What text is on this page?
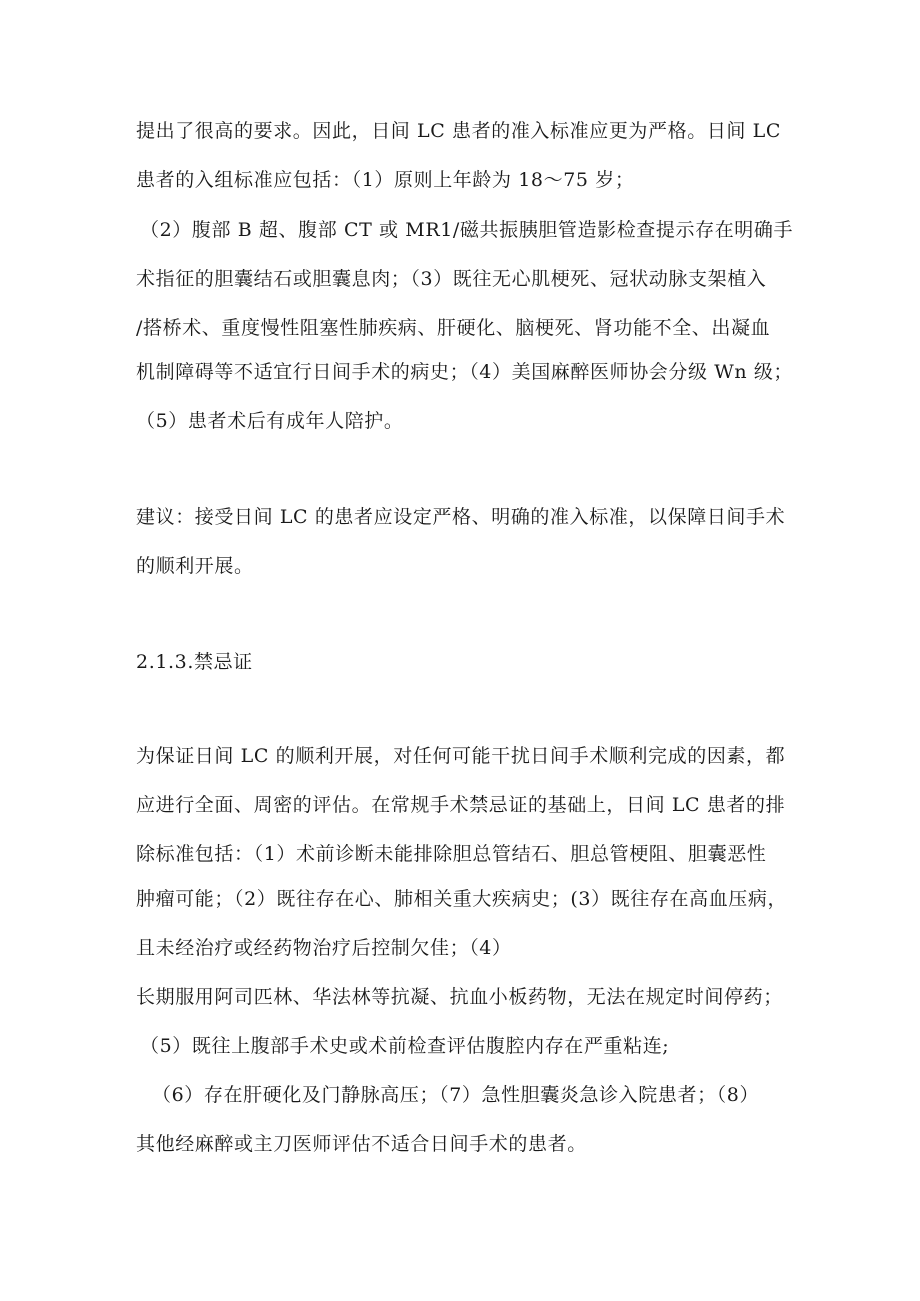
提出了很高的要求。因此，日间 LC 患者的准入标准应更为严格。日间 LC
患者的入组标准应包括：（1）原则上年龄为 18～75 岁；
（2）腹部 B 超、腹部 CT 或 MR1/磁共振胰胆管造影检查提示存在明确手
术指征的胆囊结石或胆囊息肉；（3）既往无心肌梗死、冠状动脉支架植入
/搭桥术、重度慢性阻塞性肺疾病、肝硬化、脑梗死、肾功能不全、出凝血
机制障碍等不适宜行日间手术的病史；（4）美国麻醉医师协会分级 Wn 级；
（5）患者术后有成年人陪护。
建议：接受日间 LC 的患者应设定严格、明确的准入标准，以保障日间手术
的顺利开展。
2.1.3.禁忌证
为保证日间 LC 的顺利开展，对任何可能干扰日间手术顺利完成的因素，都
应进行全面、周密的评估。在常规手术禁忌证的基础上，日间 LC 患者的排
除标准包括：（1）术前诊断未能排除胆总管结石、胆总管梗阻、胆囊恶性
肿瘤可能；（2）既往存在心、肺相关重大疾病史；(3）既往存在高血压病，
且未经治疗或经药物治疗后控制欠佳；（4）
长期服用阿司匹林、华法林等抗凝、抗血小板药物，无法在规定时间停药；
（5）既往上腹部手术史或术前检查评估腹腔内存在严重粘连;
（6）存在肝硬化及门静脉高压；（7）急性胆囊炎急诊入院患者；（8）
其他经麻醉或主刀医师评估不适合日间手术的患者。
